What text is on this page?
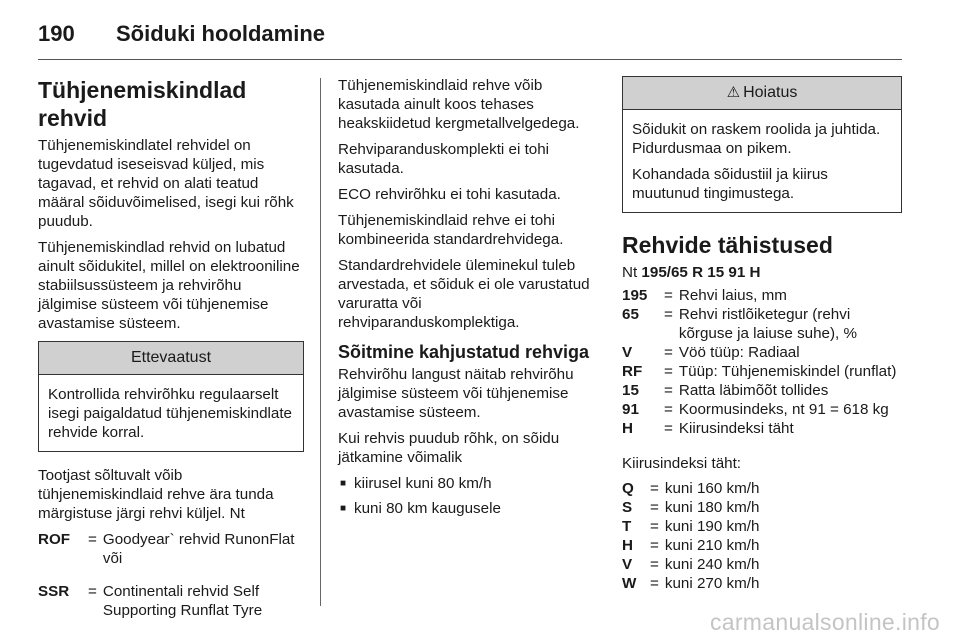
190	Sõiduki hooldamine
Tühjenemiskindlad rehvid

Tühjenemiskindlatel rehvidel on tugevdatud iseseisvad küljed, mis tagavad, et rehvid on alati teatud määral sõiduvõimelised, isegi kui rõhk puudub.

Tühjenemiskindlad rehvid on lubatud ainult sõidukitel, millel on elektrooniline stabiilsussüsteem ja rehvirõhu jälgimise süsteem või tühjenemise avastamise süsteem.

Ettevaatust

Kontrollida rehvirõhku regulaarselt isegi paigaldatud tühjenemiskindlate rehvide korral.

Tootjast sõltuvalt võib tühjenemiskindlaid rehve ära tunda märgistuse järgi rehvi küljel. Nt

ROF	= Goodyear` rehvid RunonFlat või
SSR	= Continentali rehvid Self Supporting Runflat Tyre

Tühjenemiskindlaid rehve võib kasutada ainult koos tehases heakskiidetud kergmetallvelgedega.

Rehviparanduskomplekti ei tohi kasutada.

ECO rehvirõhku ei tohi kasutada.

Tühjenemiskindlaid rehve ei tohi kombineerida standardrehvidega.

Standardrehvidele üleminekul tuleb arvestada, et sõiduk ei ole varustatud varuratta või rehviparanduskomplektiga.

Sõitmine kahjustatud rehviga

Rehvirõhu langust näitab rehvirõhu jälgimise süsteem või tühjenemise avastamise süsteem.

Kui rehvis puudub rõhk, on sõidu jätkamine võimalik

■ kiirusel kuni 80 km/h
■ kuni 80 km kaugusele
⚠ Hoiatus

Sõidukit on raskem roolida ja juhtida. Pidurdusmaa on pikem.

Kohandada sõidustiil ja kiirus muutunud tingimustega.

Rehvide tähistused

Nt 195/65 R 15 91 H

195	= Rehvi laius, mm
65	= Rehvi ristlõiketegur (rehvi kõrguse ja laiuse suhe), %
V	= Vöö tüüp: Radiaal
RF	= Tüüp: Tühjenemiskindel (runflat)
15	= Ratta läbimõõt tollides
91	= Koormusindeks, nt 91 = 618 kg
H	= Kiirusindeksi täht

Kiirusindeksi täht:

Q	= kuni 160 km/h
S	= kuni 180 km/h
T	= kuni 190 km/h
H	= kuni 210 km/h
V	= kuni 240 km/h
W = kuni 270 km/h
carmanualsonline.info
